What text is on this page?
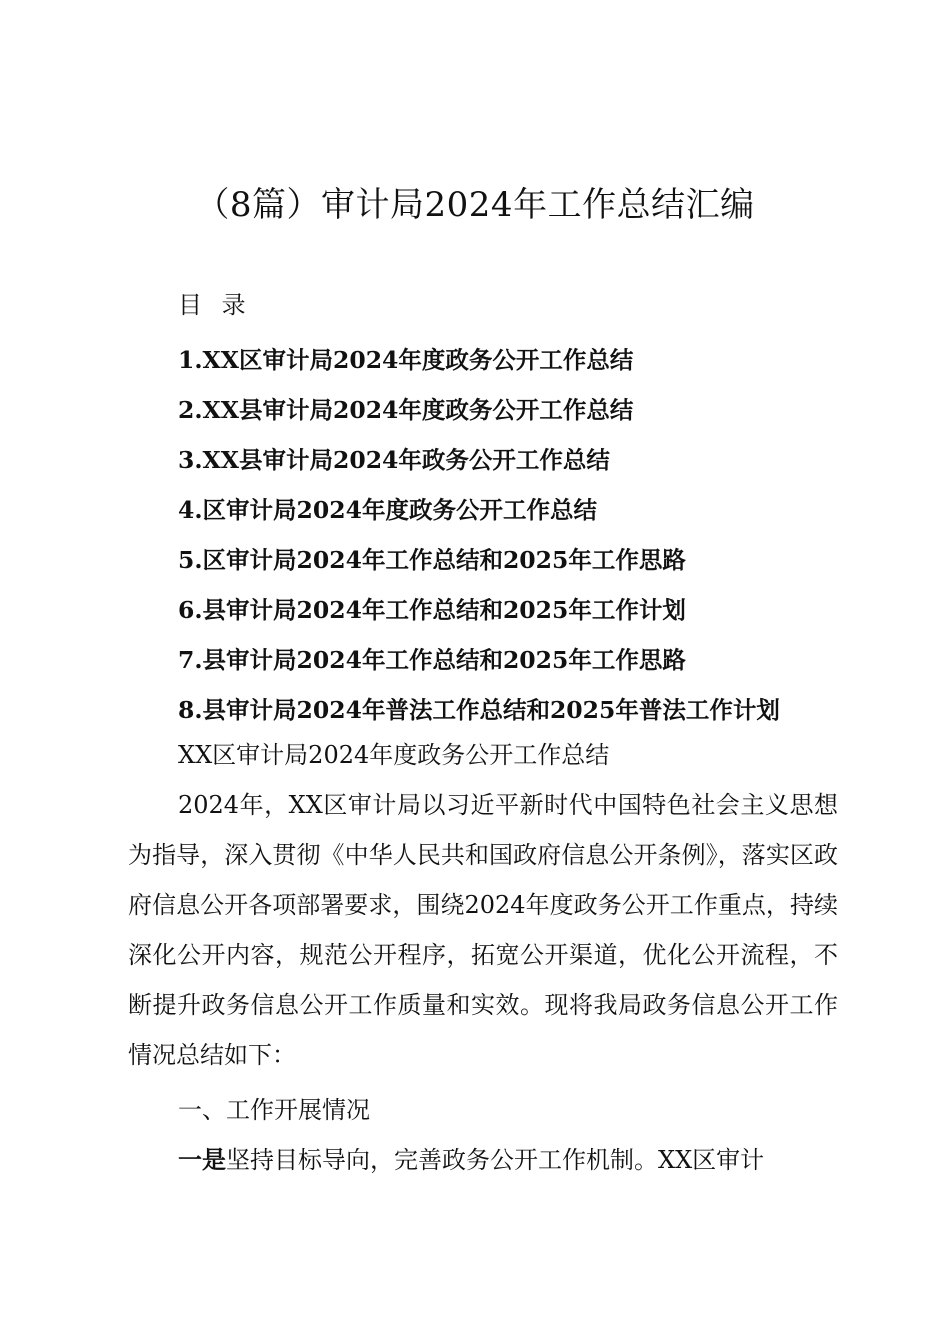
（8篇）审计局2024年工作总结汇编
目 录
1.XX区审计局2024年度政务公开工作总结
2.XX县审计局2024年度政务公开工作总结
3.XX县审计局2024年政务公开工作总结
4.区审计局2024年度政务公开工作总结
5.区审计局2024年工作总结和2025年工作思路
6.县审计局2024年工作总结和2025年工作计划
7.县审计局2024年工作总结和2025年工作思路
8.县审计局2024年普法工作总结和2025年普法工作计划
XX区审计局2024年度政务公开工作总结

2024年，XX区审计局以习近平新时代中国特色社会主义思想为指导，深入贯彻《中华人民共和国政府信息公开条例》，落实区政府信息公开各项部署要求，围绕2024年度政务公开工作重点，持续深化公开内容，规范公开程序，拓宽公开渠道，优化公开流程，不断提升政务信息公开工作质量和实效。现将我局政务信息公开工作情况总结如下：

一、工作开展情况

一是坚持目标导向，完善政务公开工作机制。XX区审计
